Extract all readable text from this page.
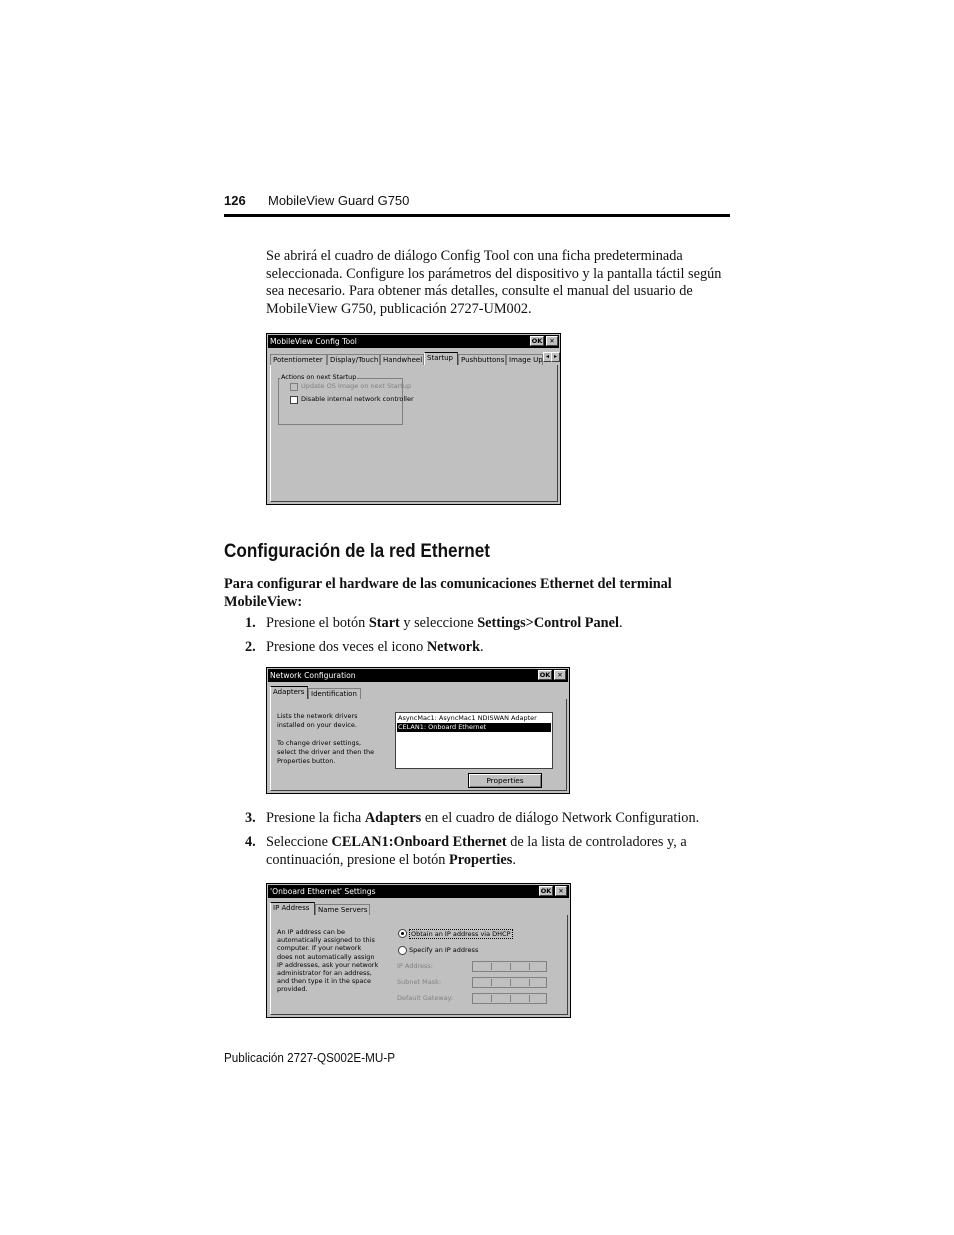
126 MobileView Guard G750
Se abrirá el cuadro de diálogo Config Tool con una ficha predeterminada seleccionada. Configure los parámetros del dispositivo y la pantalla táctil según sea necesario. Para obtener más detalles, consulte el manual del usuario de MobileView G750, publicación 2727-UM002.
MobileView Config Tool	OK	✕
Potentiometer	Display/Touch Handwheel Startup	Pushbuttons Image Up ◂ ▸
Actions on next Startup
Update OS Image on next Startup
Disable internal network controller
Configuración de la red Ethernet
Para configurar el hardware de las comunicaciones Ethernet del terminal MobileView:
1. Presione el botón Start y seleccione Settings>Control Panel.
2. Presione dos veces el icono Network.
Network Configuration	OK	✕
Adapters Identification
Lists the network drivers
installed on your device.
To change driver settings,
select the driver and then the
Properties button.
AsyncMac1: AsyncMac1 NDISWAN Adapter
CELAN1: Onboard Ethernet
Properties
3. Presione la ficha Adapters en el cuadro de diálogo Network Configuration.
4. Seleccione CELAN1:Onboard Ethernet de la lista de controladores y, a continuación, presione el botón Properties.
'Onboard Ethernet' Settings	OK	✕
IP Address	Name Servers
An IP address can be
automatically assigned to this
computer. If your network
does not automatically assign
IP addresses, ask your network
administrator for an address,
and then type it in the space
provided.
Obtain an IP address via DHCP
Specify an IP address
IP Address:
Subnet Mask:
Default Gateway:
Publicación 2727-QS002E-MU-P
